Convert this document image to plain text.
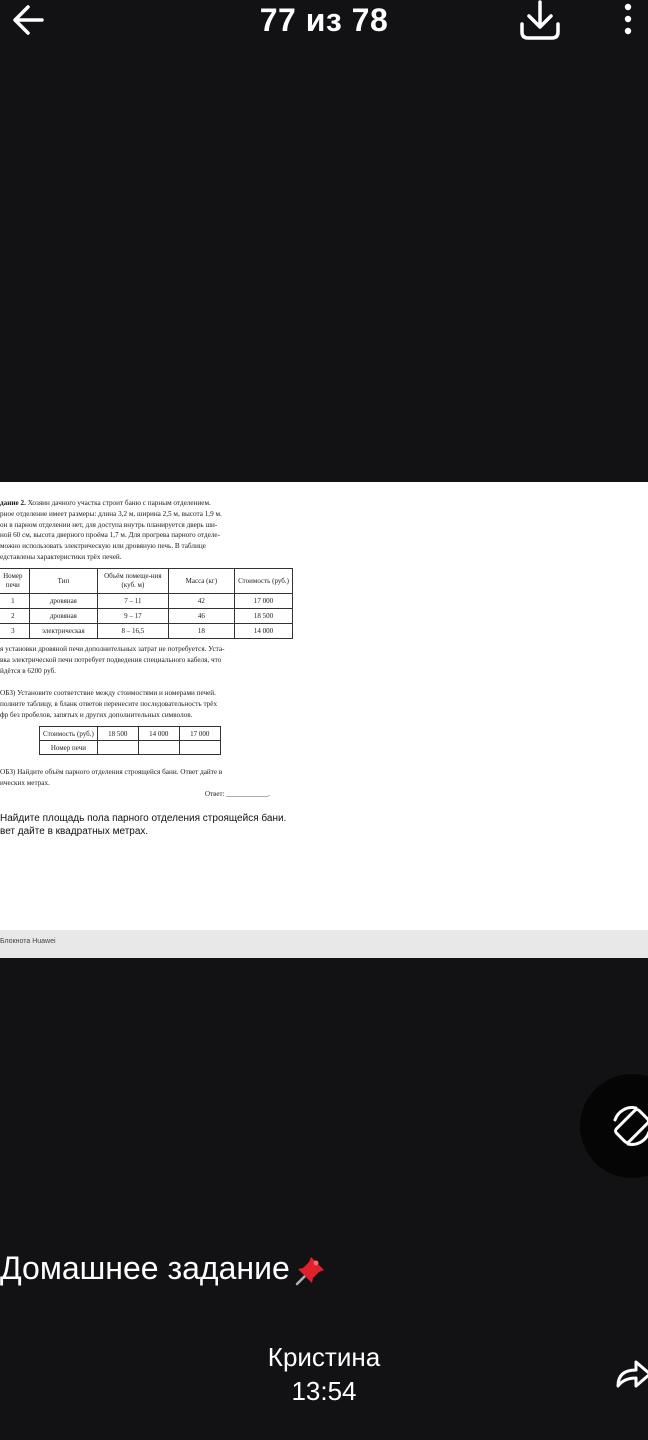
77 из 78

дание 2. Хозяин дачного участка строит баню с парным отделением.
рное отделение имеет размеры: длина 3,2 м, ширина 2,5 м, высота 1,9 м.
он в парном отделении нет, для доступа внутрь планируется дверь ши-
ной 60 см, высота дверного проёма 1,7 м. Для прогрева парного отделе-
можно использовать электрическую или дровяную печь. В таблице
едставлены характеристики трёх печей.

Номер печи	Тип	Объём помеще-ния (куб. м)	Масса (кг)	Стоимость (руб.)
1	дровяная	7 – 11	42	17 000
2	дровяная	9 – 17	46	18 500
3	электрическая	8 – 16,5	18	14 000

я установки дровяной печи дополнительных затрат не потребуется. Уста-
вка электрической печи потребует подведения специального кабеля, что
йдётся в 6200 руб.

ОБЗ) Установите соответствие между стоимостями и номерами печей.
полните таблицу, в бланк ответов перенесите последовательность трёх
фр без пробелов, запятых и других дополнительных символов.

Стоимость (руб.)	18 500	14 000	17 000
Номер печи			

ОБЗ) Найдите объём парного отделения строящейся бани. Ответ дайте в
ических метрах.

Ответ: ____________.
Найдите площадь пола парного отделения строящейся бани.
вет дайте в квадратных метрах.
Блокнота Huawei
Домашнее задание
Кристина
13:54
